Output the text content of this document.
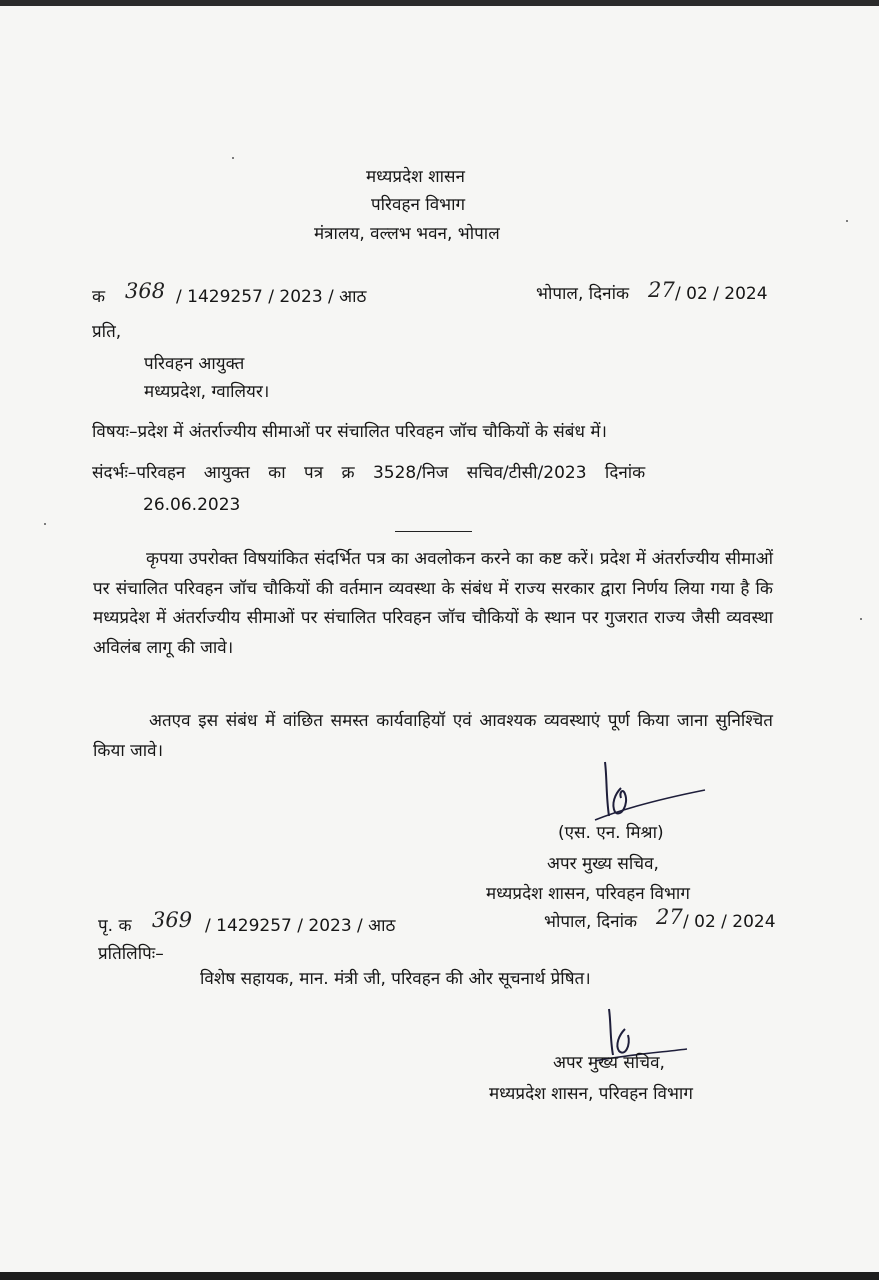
मध्यप्रदेश शासन
परिवहन विभाग
मंत्रालय, वल्लभ भवन, भोपाल
क 368 / 1429257 / 2023 / आठ	भोपाल, दिनांक 27 / 02 / 2024
प्रति,
परिवहन आयुक्त
मध्यप्रदेश, ग्वालियर।
विषयः–प्रदेश में अंतर्राज्यीय सीमाओं पर संचालित परिवहन जॉच चौकियों के संबंध में।
संदर्भः–परिवहन आयुक्त का पत्र क्र 3528/निज सचिव/टीसी/2023 दिनांक
26.06.2023
कृपया उपरोक्त विषयांकित संदर्भित पत्र का अवलोकन करने का कष्ट करें। प्रदेश में अंतर्राज्यीय सीमाओं पर संचालित परिवहन जॉच चौकियों की वर्तमान व्यवस्था के संबंध में राज्य सरकार द्वारा निर्णय लिया गया है कि मध्यप्रदेश में अंतर्राज्यीय सीमाओं पर संचालित परिवहन जॉच चौकियों के स्थान पर गुजरात राज्य जैसी व्यवस्था अविलंब लागू की जावे।
अतएव इस संबंध में वांछित समस्त कार्यवाहियॉ एवं आवश्यक व्यवस्थाएं पूर्ण किया जाना सुनिश्चित किया जावे।
(एस. एन. मिश्रा)
अपर मुख्य सचिव,
मध्यप्रदेश शासन, परिवहन विभाग
पृ. क 369 / 1429257 / 2023 / आठ	भोपाल, दिनांक 27 / 02 / 2024
प्रतिलिपिः–
विशेष सहायक, मान. मंत्री जी, परिवहन की ओर सूचनार्थ प्रेषित।
अपर मुख्य सचिव,
मध्यप्रदेश शासन, परिवहन विभाग
